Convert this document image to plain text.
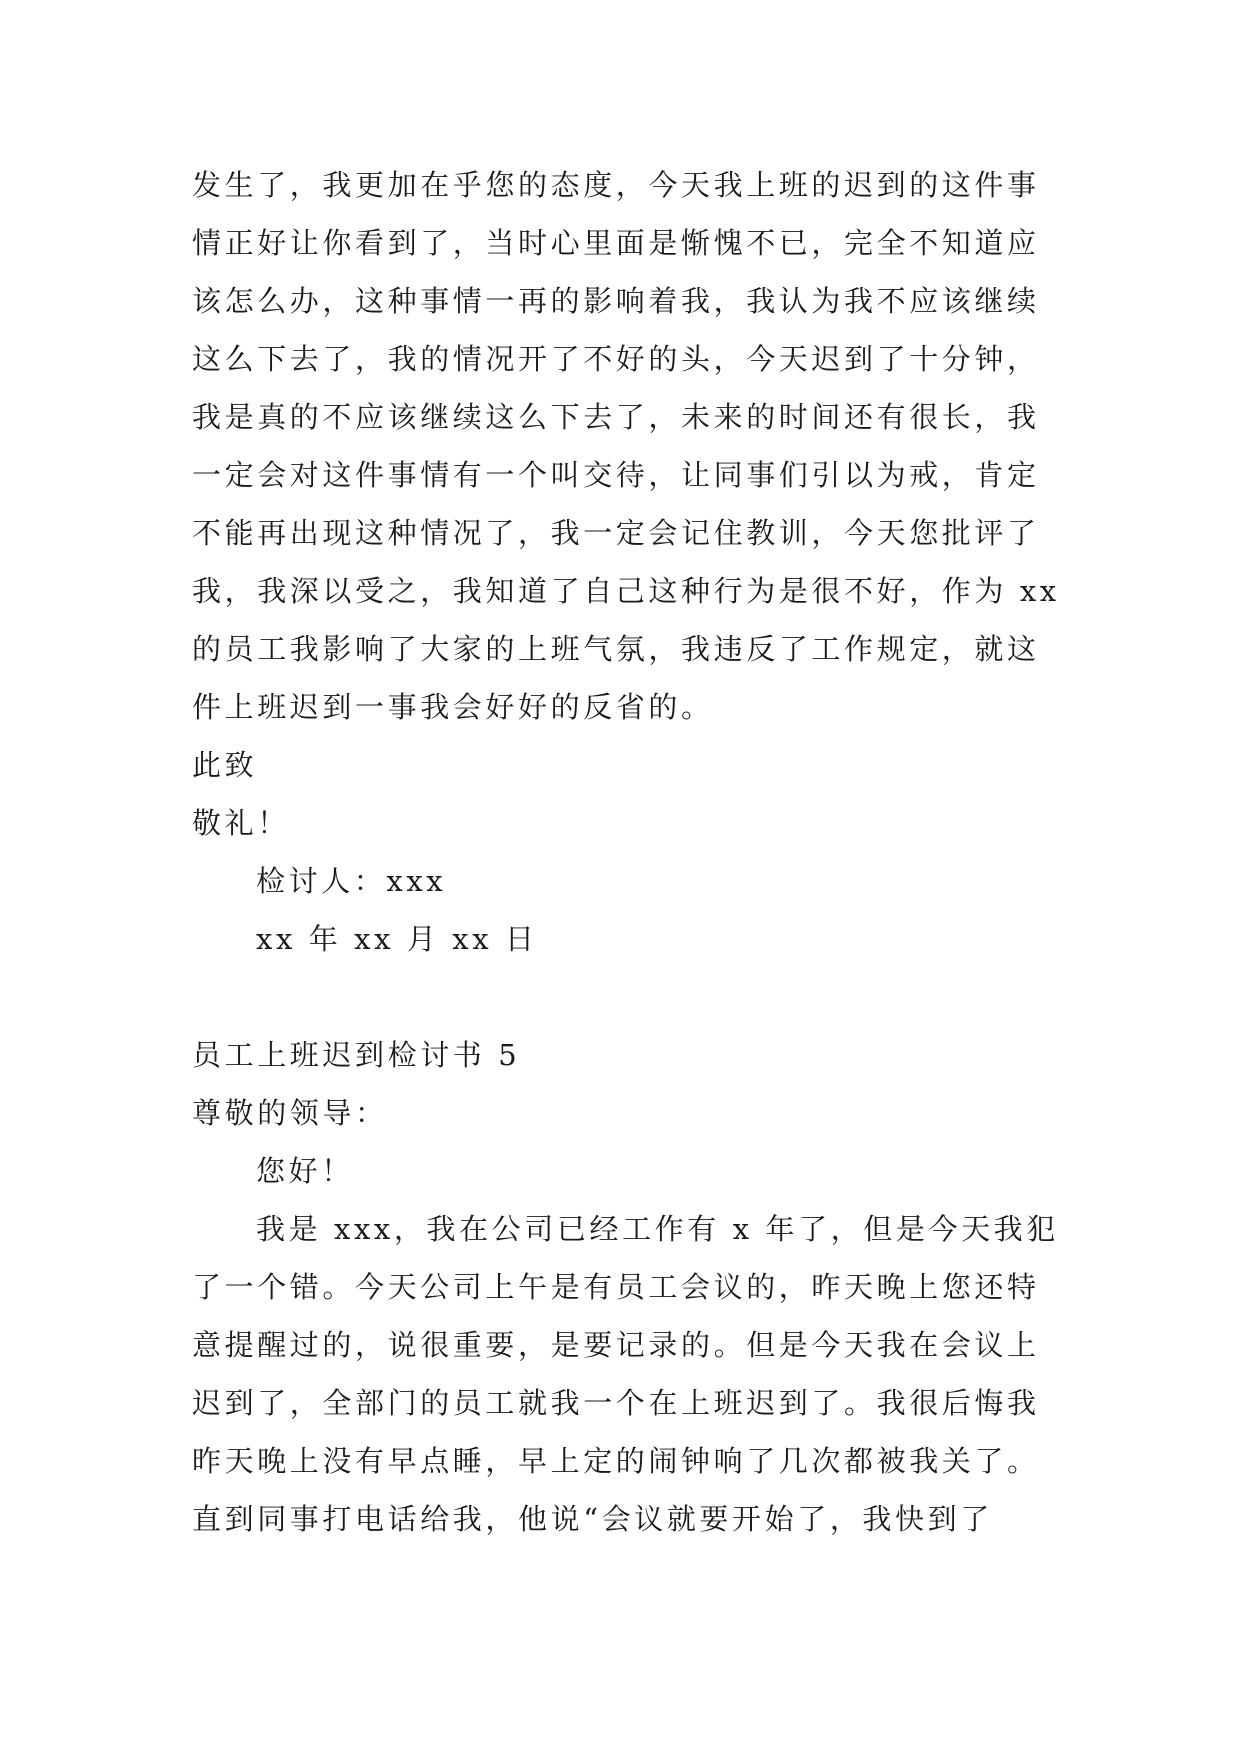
发生了，我更加在乎您的态度，今天我上班的迟到的这件事
情正好让你看到了，当时心里面是惭愧不已，完全不知道应
该怎么办，这种事情一再的影响着我，我认为我不应该继续
这么下去了，我的情况开了不好的头，今天迟到了十分钟，
我是真的不应该继续这么下去了，未来的时间还有很长，我
一定会对这件事情有一个叫交待，让同事们引以为戒，肯定
不能再出现这种情况了，我一定会记住教训，今天您批评了
我，我深以受之，我知道了自己这种行为是很不好，作为 xx
的员工我影响了大家的上班气氛，我违反了工作规定，就这
件上班迟到一事我会好好的反省的。
此致
敬礼！
检讨人：xxx
xx 年 xx 月 xx 日
员工上班迟到检讨书 5
尊敬的领导：
您好！
我是 xxx，我在公司已经工作有 x 年了，但是今天我犯
了一个错。今天公司上午是有员工会议的，昨天晚上您还特
意提醒过的，说很重要，是要记录的。但是今天我在会议上
迟到了，全部门的员工就我一个在上班迟到了。我很后悔我
昨天晚上没有早点睡，早上定的闹钟响了几次都被我关了。
直到同事打电话给我，他说“会议就要开始了，我快到了
